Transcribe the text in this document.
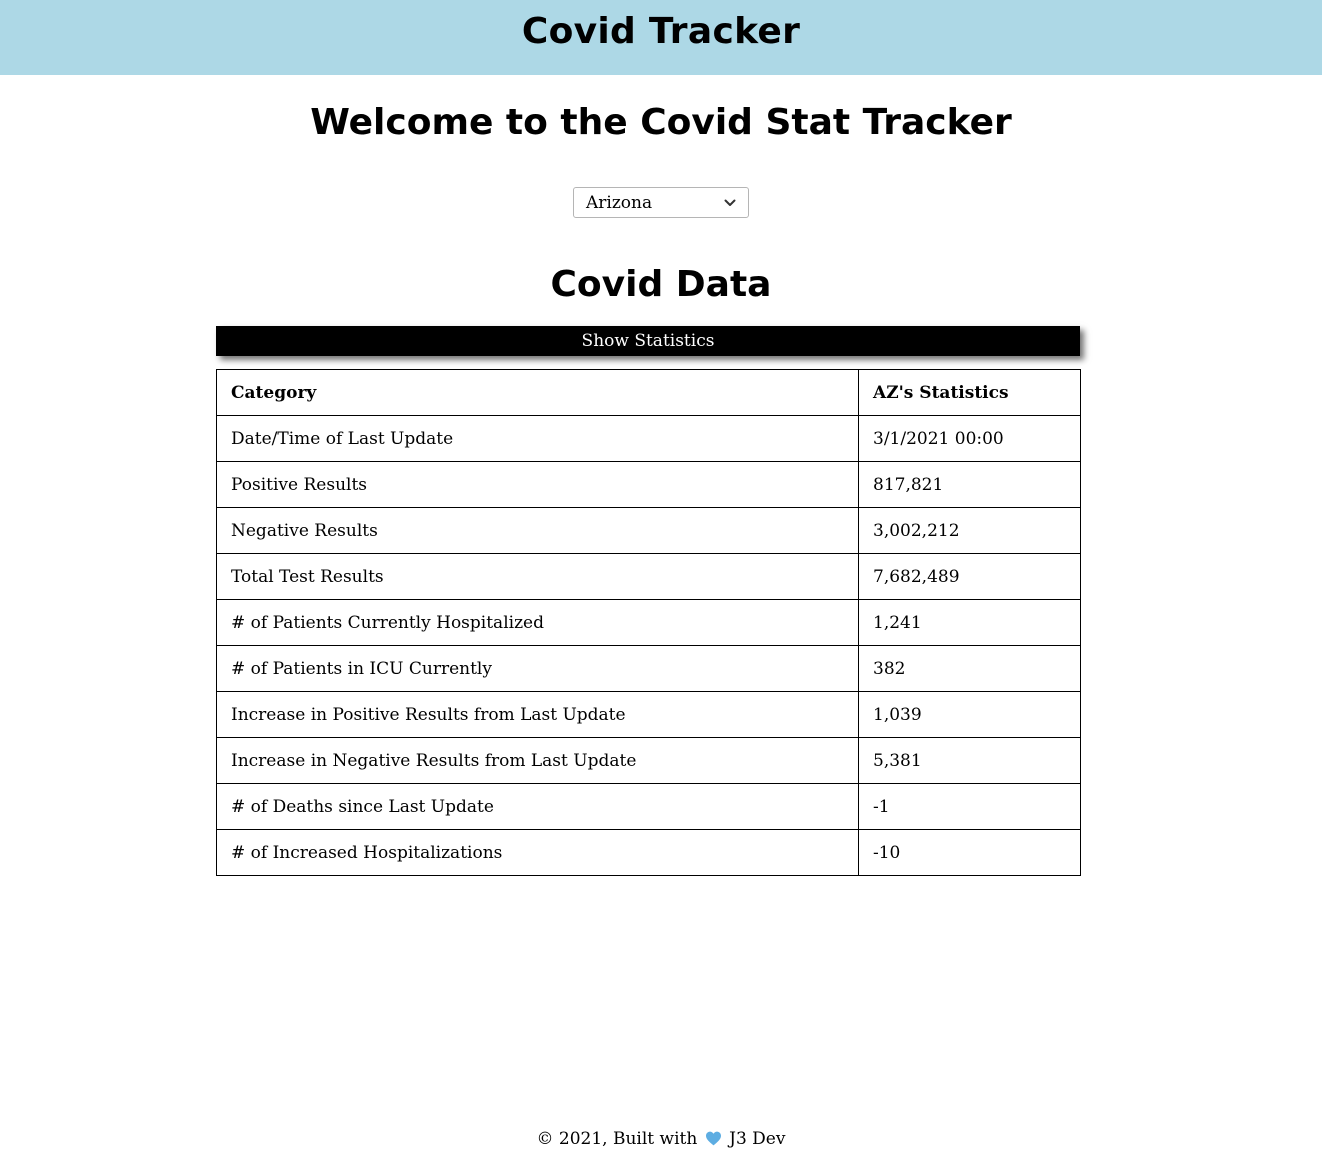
Covid Tracker
Welcome to the Covid Stat Tracker
Arizona
Covid Data
Show Statistics
Category	AZ's Statistics
Date/Time of Last Update	3/1/2021 00:00
Positive Results	817,821
Negative Results	3,002,212
Total Test Results	7,682,489
# of Patients Currently Hospitalized	1,241
# of Patients in ICU Currently	382
Increase in Positive Results from Last Update	1,039
Increase in Negative Results from Last Update	5,381
# of Deaths since Last Update	-1
# of Increased Hospitalizations	-10
© 2021, Built with J3 Dev
